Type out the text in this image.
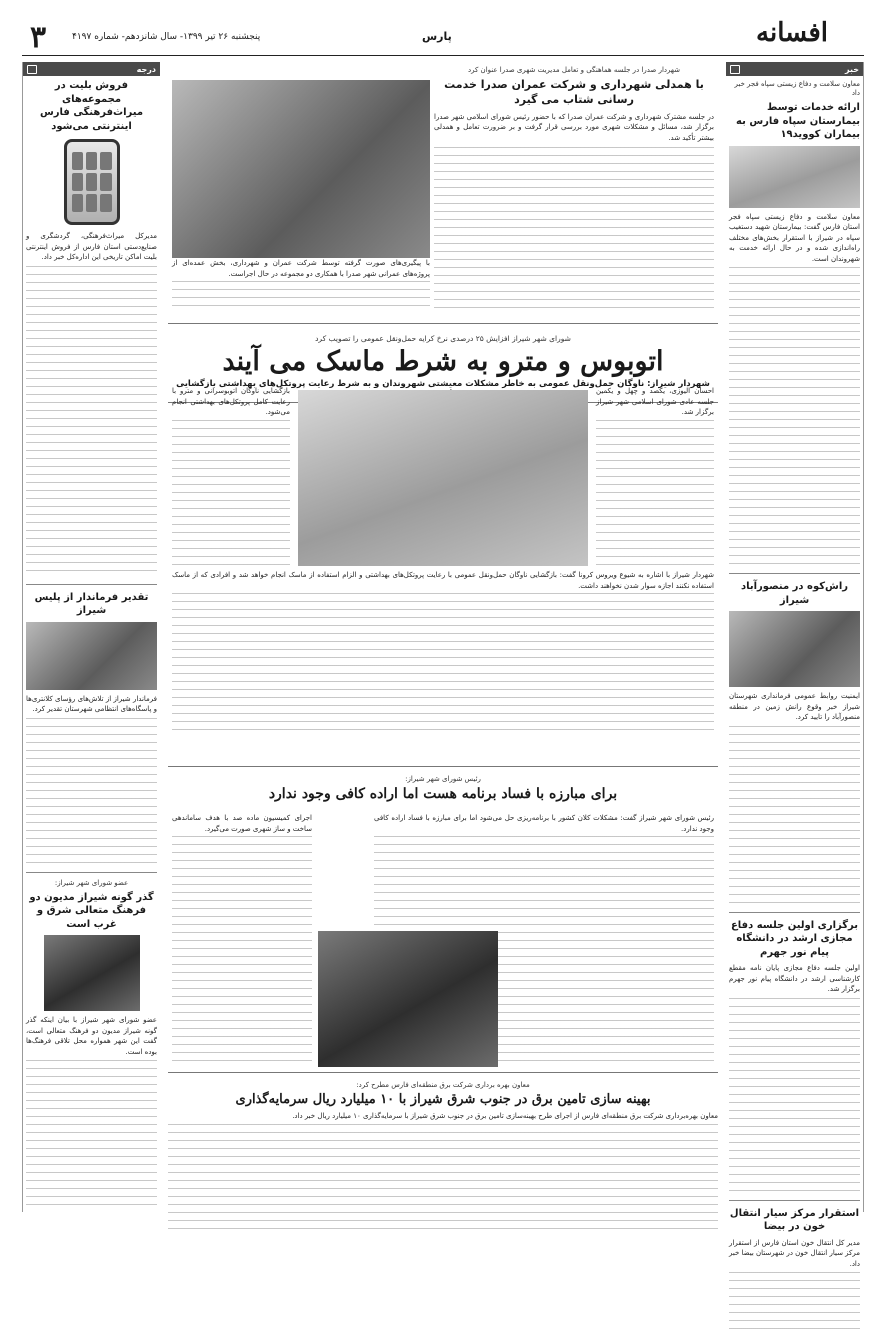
۳	پنجشنبه ۲۶ تیر ۱۳۹۹- سال شانزدهم- شماره ۴۱۹۷	پارس	افسانه
خبر
معاون سلامت و دفاع زیستی سپاه فجر خبر داد
ارائه خدمات توسط بیمارستان سپاه فارس به بیماران کووید۱۹
معاون سلامت و دفاع زیستی سپاه فجر استان فارس گفت: بیمارستان شهید دستغیب سپاه در شیراز با استقرار بخش‌های مختلف راه‌اندازی شده و در حال ارائه خدمت به شهروندان است.
راش‌کوه در منصورآباد شیراز
ایمنیت روابط عمومی فرمانداری شهرستان شیراز خبر وقوع رانش زمین در منطقه منصورآباد را تایید کرد.
برگزاری اولین جلسه دفاع مجازی ارشد در دانشگاه پیام نور جهرم
اولین جلسه دفاع مجازی پایان نامه مقطع کارشناسی ارشد در دانشگاه پیام نور جهرم برگزار شد.
استقرار مرکز سیار انتقال خون در بیضا
مدیر کل انتقال خون استان فارس از استقرار مرکز سیار انتقال خون در شهرستان بیضا خبر داد.
درجه
فروش بلیت در مجموعه‌های میراث‌فرهنگی فارس اینترنتی می‌شود
مدیرکل میراث‌فرهنگی، گردشگری و صنایع‌دستی استان فارس از فروش اینترنتی بلیت اماکن تاریخی این اداره‌کل خبر داد.
تقدیر فرماندار از پلیس شیراز
فرماندار شیراز از تلاش‌های رؤسای کلانتری‌ها و پاسگاه‌های انتظامی شهرستان تقدیر کرد.
عضو شورای شهر شیراز:
گذر گونه شیراز مدیون دو فرهنگ متعالی شرق و غرب است
عضو شورای شهر شیراز با بیان اینکه گذر گونه شیراز مدیون دو فرهنگ متعالی است، گفت این شهر همواره محل تلاقی فرهنگ‌ها بوده است.
شهردار صدرا در جلسه هماهنگی و تعامل مدیریت شهری صدرا عنوان کرد
با همدلی شهرداری و شرکت عمران صدرا خدمت رسانی شتاب می گیرد
در جلسه مشترک شهرداری و شرکت عمران صدرا که با حضور رئیس شورای اسلامی شهر صدرا برگزار شد، مسائل و مشکلات شهری مورد بررسی قرار گرفت و بر ضرورت تعامل و همدلی بیشتر تأکید شد.
با پیگیری‌های صورت گرفته توسط شرکت عمران و شهرداری، بخش عمده‌ای از پروژه‌های عمرانی شهر صدرا با همکاری دو مجموعه در حال اجراست.
شورای شهر شیراز افزایش ۲۵ درصدی نرخ کرایه حمل‌ونقل عمومی را تصویب کرد
اتوبوس و مترو به شرط ماسک می آیند
شهردار شیراز: ناوگان حمل‌ونقل عمومی به خاطر مشکلات معیشتی شهروندان و به شرط رعایت پروتکل‌های بهداشتی بازگشایی
احسان الیوزی، یکصد و چهل و یکمین جلسه عادی شورای اسلامی شهر شیراز برگزار شد.
بازگشایی ناوگان اتوبوسرانی و مترو با رعایت کامل پروتکل‌های بهداشتی انجام می‌شود.
شهردار شیراز با اشاره به شیوع ویروس کرونا گفت: بازگشایی ناوگان حمل‌ونقل عمومی با رعایت پروتکل‌های بهداشتی و الزام استفاده از ماسک انجام خواهد شد و افرادی که از ماسک استفاده نکنند اجازه سوار شدن نخواهند داشت.
رئیس شورای شهر شیراز:
برای مبارزه با فساد برنامه هست اما اراده کافی وجود ندارد
رئیس شورای شهر شیراز گفت: مشکلات کلان کشور با برنامه‌ریزی حل می‌شود اما برای مبارزه با فساد اراده کافی وجود ندارد.
اجرای کمیسیون ماده صد با هدف ساماندهی ساخت و ساز شهری صورت می‌گیرد.
معاون بهره برداری شرکت برق منطقه‌ای فارس مطرح کرد:
بهینه سازی تامین برق در جنوب شرق شیراز با ۱۰ میلیارد ریال سرمایه‌گذاری
معاون بهره‌برداری شرکت برق منطقه‌ای فارس از اجرای طرح بهینه‌سازی تامین برق در جنوب شرق شیراز با سرمایه‌گذاری ۱۰ میلیارد ریال خبر داد.
